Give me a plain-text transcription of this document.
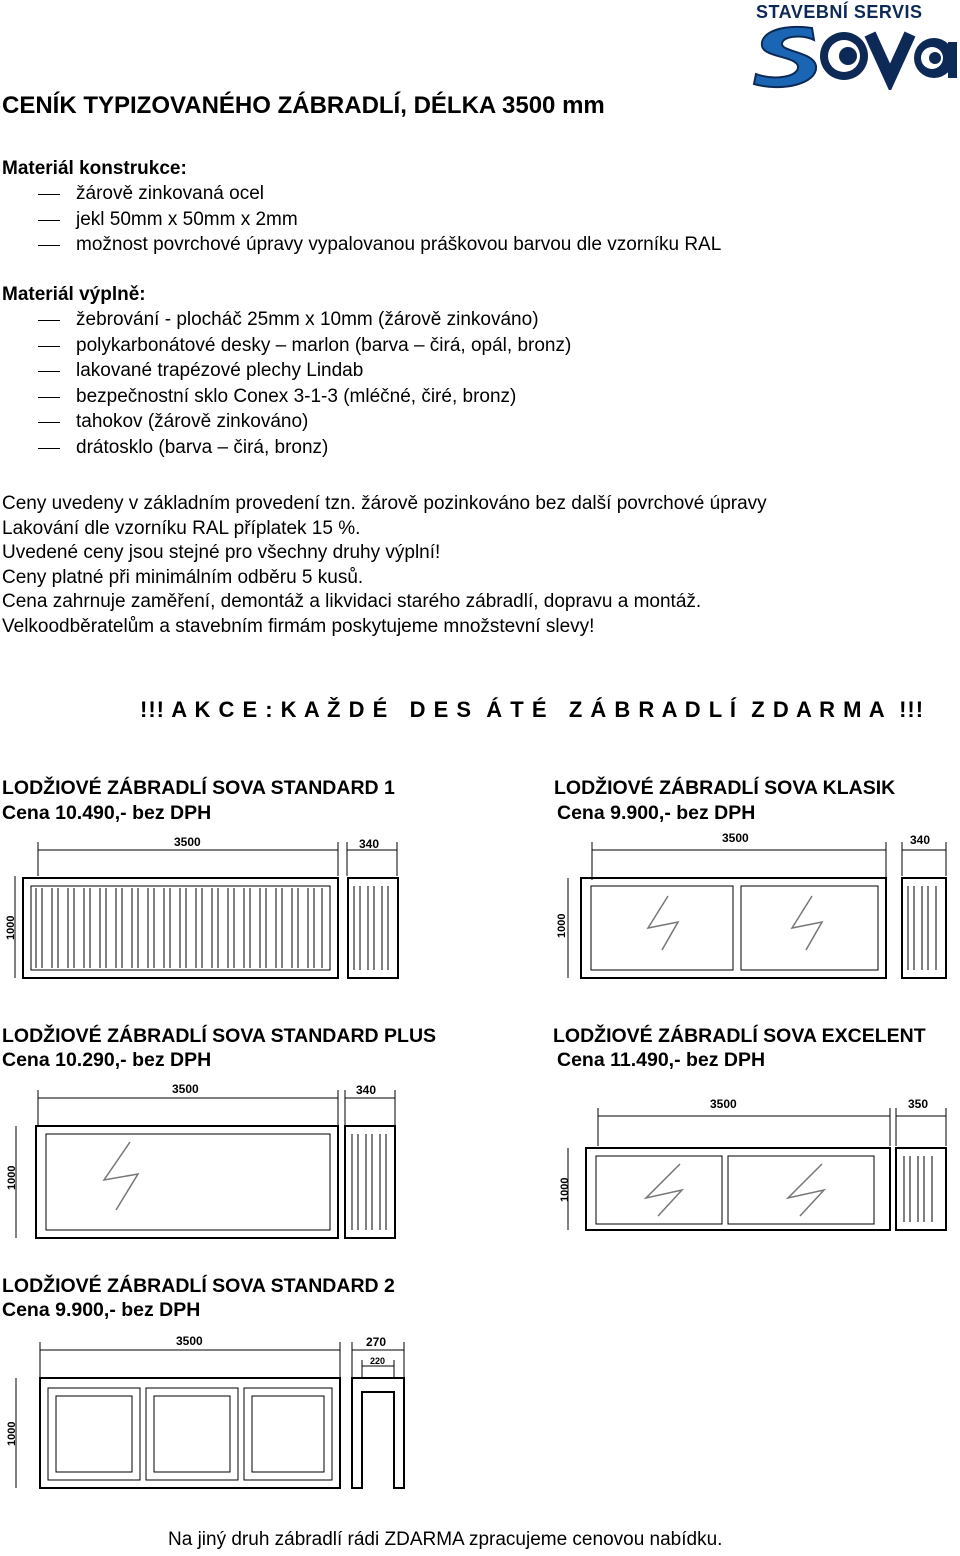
STAVEBNÍ SERVIS
CENÍK TYPIZOVANÉHO ZÁBRADLÍ, DÉLKA 3500 mm
Materiál konstrukce:
žárově zinkovaná ocel
jekl 50mm x 50mm x 2mm
možnost povrchové úpravy vypalovanou práškovou barvou dle vzorníku RAL
Materiál výplně:
žebrování - plocháč 25mm x 10mm (žárově zinkováno)
polykarbonátové desky – marlon (barva – čirá, opál, bronz)
lakované trapézové plechy Lindab
bezpečnostní sklo Conex 3-1-3 (mléčné, čiré, bronz)
tahokov (žárově zinkováno)
drátosklo (barva – čirá, bronz)
Ceny uvedeny v základním provedení tzn. žárově pozinkováno bez další povrchové úpravy
Lakování dle vzorníku RAL příplatek 15 %.
Uvedené ceny jsou stejné pro všechny druhy výplní!
Ceny platné při minimálním odběru 5 kusů.
Cena zahrnuje zaměření, demontáž a likvidaci starého zábradlí, dopravu a montáž.
Velkoodběratelům a stavebním firmám poskytujeme množstevní slevy!
!!! A K C E : K A Ž D É   D E S  Á T É   Z Á B R A D L Í  Z D A R M A  !!!
LODŽIOVÉ ZÁBRADLÍ SOVA STANDARD 1
Cena 10.490,- bez DPH
3500	340
1000
LODŽIOVÉ ZÁBRADLÍ SOVA KLASIK
Cena 9.900,- bez DPH
3500	340
1000
LODŽIOVÉ ZÁBRADLÍ SOVA STANDARD PLUS
Cena 10.290,- bez DPH
3500	340
1000
LODŽIOVÉ ZÁBRADLÍ SOVA EXCELENT
Cena 11.490,- bez DPH
3500	350
1000
LODŽIOVÉ ZÁBRADLÍ SOVA STANDARD 2
Cena 9.900,- bez DPH
3500	270
220
1000
Na jiný druh zábradlí rádi ZDARMA zpracujeme cenovou nabídku.
